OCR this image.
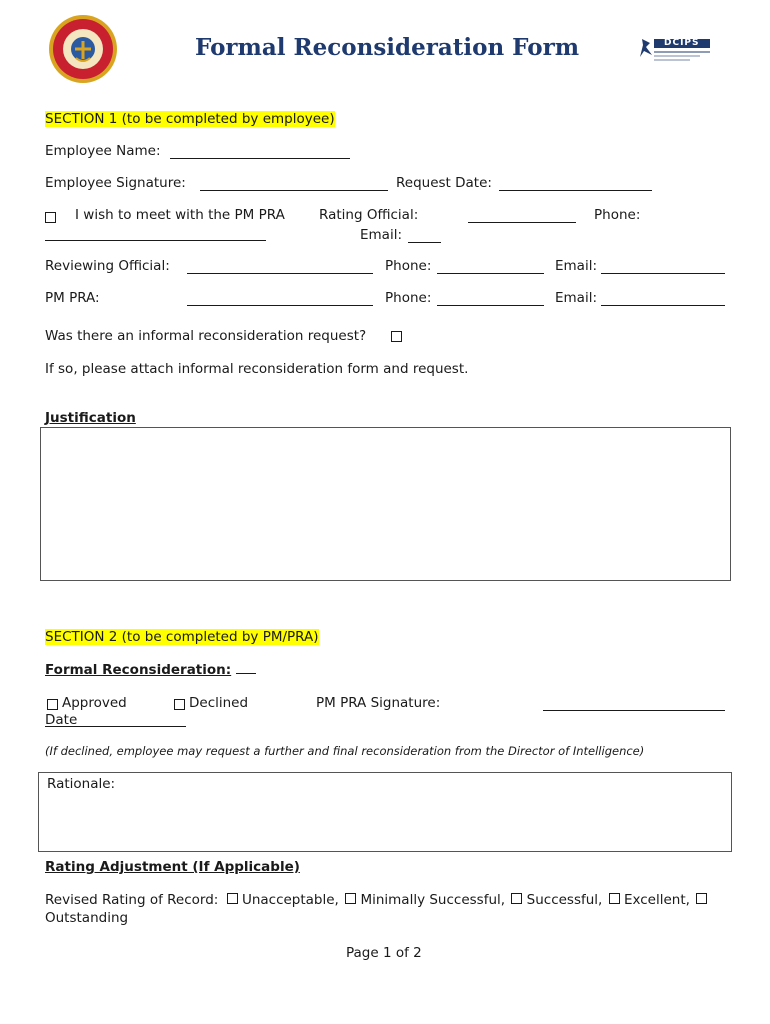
Formal Reconsideration Form	DCIPS
SECTION 1 (to be completed by employee)
Employee Name:
Employee Signature:	Request Date:
I wish to meet with the PM PRA	Rating Official:	Phone:
Email:
Reviewing Official:	Phone:	Email:
PM PRA:	Phone:	Email:
Was there an informal reconsideration request?
If so, please attach informal reconsideration form and request.
Justification
SECTION 2 (to be completed by PM/PRA)
Formal Reconsideration:
Approved	Declined	PM PRA Signature:
Date
(If declined, employee may request a further and final reconsideration from the Director of Intelligence)
Rationale:
Rating Adjustment (If Applicable)
Revised Rating of Record: Unacceptable, Minimally Successful, Successful, Excellent,
Outstanding
Page 1 of 2
